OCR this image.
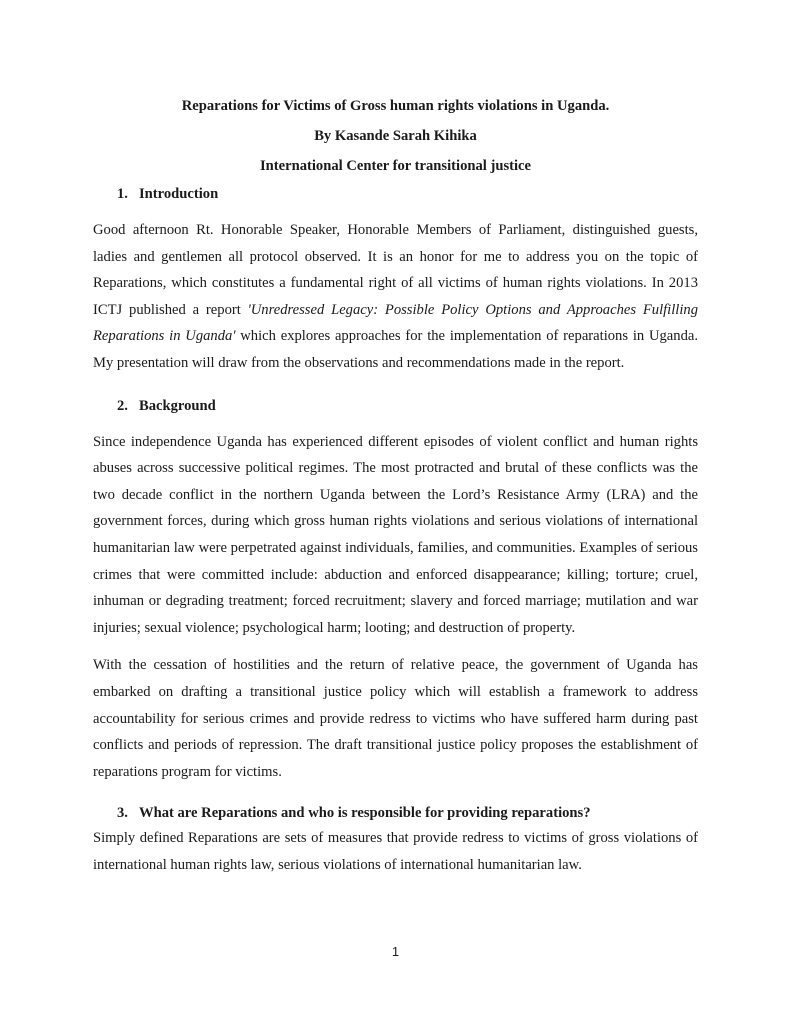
Reparations for Victims of Gross human rights violations in Uganda.
By Kasande Sarah Kihika
International Center for transitional justice
1. Introduction

Good afternoon Rt. Honorable Speaker, Honorable Members of Parliament, distinguished guests, ladies and gentlemen all protocol observed. It is an honor for me to address you on the topic of Reparations, which constitutes a fundamental right of all victims of human rights violations. In 2013 ICTJ published a report 'Unredressed Legacy: Possible Policy Options and Approaches Fulfilling Reparations in Uganda' which explores approaches for the implementation of reparations in Uganda. My presentation will draw from the observations and recommendations made in the report.

2. Background

Since independence Uganda has experienced different episodes of violent conflict and human rights abuses across successive political regimes. The most protracted and brutal of these conflicts was the two decade conflict in the northern Uganda between the Lord’s Resistance Army (LRA) and the government forces, during which gross human rights violations and serious violations of international humanitarian law were perpetrated against individuals, families, and communities. Examples of serious crimes that were committed include: abduction and enforced disappearance; killing; torture; cruel, inhuman or degrading treatment; forced recruitment; slavery and forced marriage; mutilation and war injuries; sexual violence; psychological harm; looting; and destruction of property.

With the cessation of hostilities and the return of relative peace, the government of Uganda has embarked on drafting a transitional justice policy which will establish a framework to address accountability for serious crimes and provide redress to victims who have suffered harm during past conflicts and periods of repression. The draft transitional justice policy proposes the establishment of reparations program for victims.

3. What are Reparations and who is responsible for providing reparations?

Simply defined Reparations are sets of measures that provide redress to victims of gross violations of international human rights law, serious violations of international humanitarian law.

1
